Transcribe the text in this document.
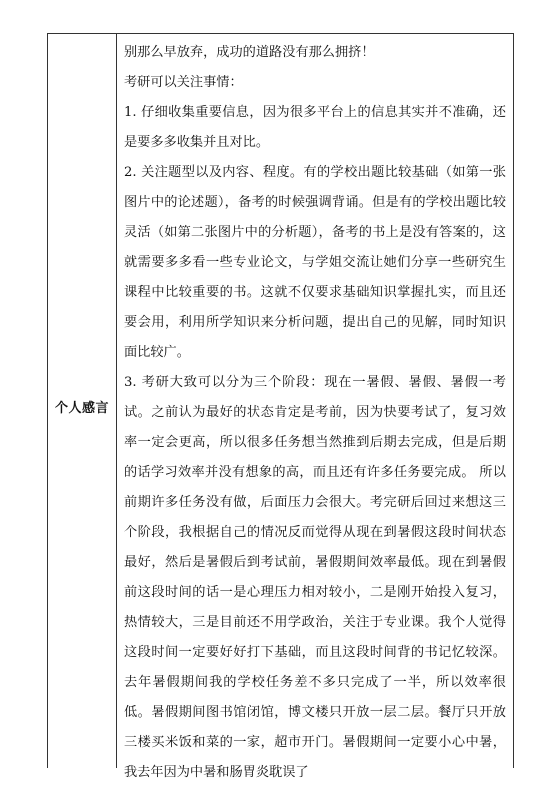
个人感言

别那么早放弃，成功的道路没有那么拥挤！

考研可以关注事情：

1. 仔细收集重要信息，因为很多平台上的信息其实并不准确，还是要多多收集并且对比。

2. 关注题型以及内容、程度。有的学校出题比较基础（如第一张图片中的论述题），备考的时候强调背诵。但是有的学校出题比较灵活（如第二张图片中的分析题），备考的书上是没有答案的，这就需要多多看一些专业论文，与学姐交流让她们分享一些研究生课程中比较重要的书。这就不仅要求基础知识掌握扎实，而且还要会用，利用所学知识来分析问题，提出自己的见解，同时知识面比较广。

3. 考研大致可以分为三个阶段：现在一暑假、暑假、暑假一考试。之前认为最好的状态肯定是考前，因为快要考试了，复习效率一定会更高，所以很多任务想当然推到后期去完成，但是后期的话学习效率并没有想象的高，而且还有许多任务要完成。 所以前期许多任务没有做，后面压力会很大。考完研后回过来想这三个阶段，我根据自己的情况反而觉得从现在到暑假这段时间状态最好，然后是暑假后到考试前，暑假期间效率最低。现在到暑假前这段时间的话一是心理压力相对较小，二是刚开始投入复习，热情较大，三是目前还不用学政治，关注于专业课。我个人觉得这段时间一定要好好打下基础，而且这段时间背的书记忆较深。去年暑假期间我的学校任务差不多只完成了一半，所以效率很低。暑假期间图书馆闭馆，博文楼只开放一层二层。餐厅只开放三楼买米饭和菜的一家，超市开门。暑假期间一定要小心中暑，我去年因为中暑和肠胃炎耽误了
